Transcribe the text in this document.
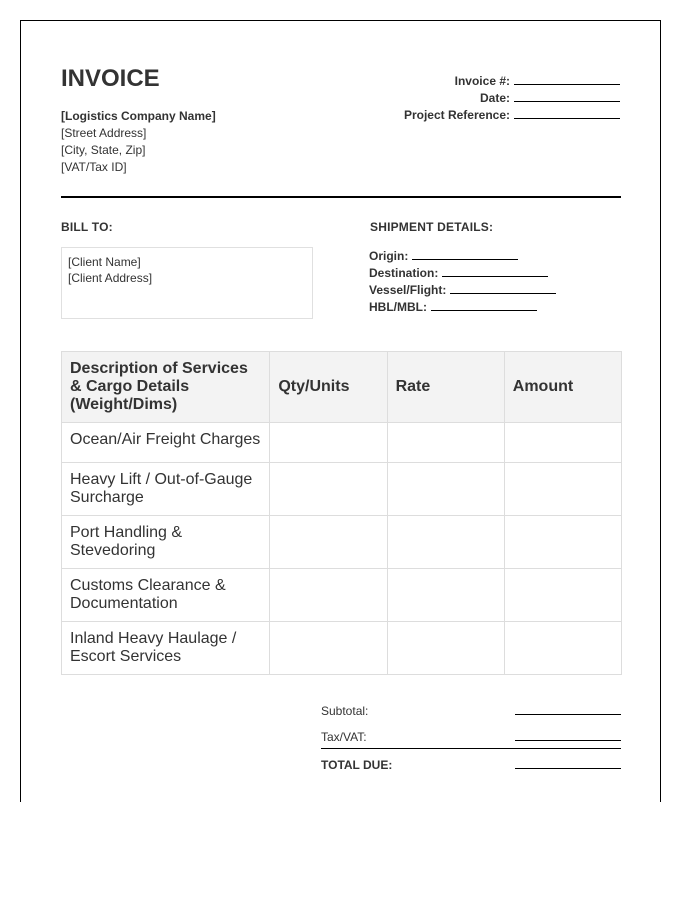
INVOICE
[Logistics Company Name]
[Street Address]
[City, State, Zip]
[VAT/Tax ID]
Invoice #:
Date:
Project Reference:
BILL TO:	SHIPMENT DETAILS:
[Client Name]
[Client Address]
Origin:
Destination:
Vessel/Flight:
HBL/MBL:
Description of Services & Cargo Details (Weight/Dims)	Qty/Units	Rate	Amount
Ocean/Air Freight Charges			
Heavy Lift / Out-of-Gauge Surcharge			
Port Handling & Stevedoring			
Customs Clearance & Documentation			
Inland Heavy Haulage / Escort Services			
Subtotal:
Tax/VAT:
TOTAL DUE:
